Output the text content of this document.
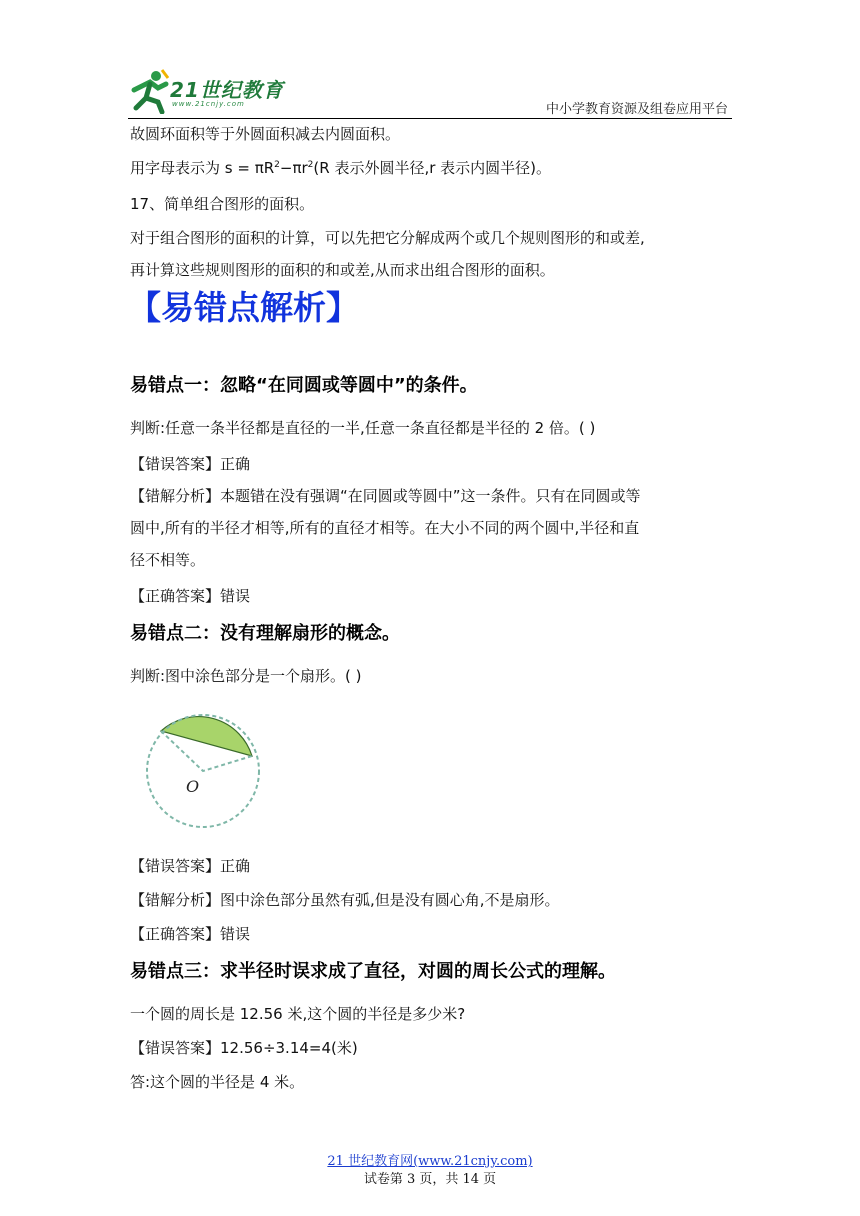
21世纪教育
www.21cnjy.com	中小学教育资源及组卷应用平台
故圆环面积等于外圆面积减去内圆面积。
用字母表示为 $s = \pi R^2-\pi r^2(R$ 表示外圆半径,r 表示内圆半径)。
17、简单组合图形的面积。
对于组合图形的面积的计算，可以先把它分解成两个或几个规则图形的和或差,
再计算这些规则图形的面积的和或差,从而求出组合图形的面积。
【易错点解析】
易错点一：忽略“在同圆或等圆中”的条件。
判断:任意一条半径都是直径的一半,任意一条直径都是半径的 2 倍。( )
【错误答案】正确
【错解分析】本题错在没有强调“在同圆或等圆中”这一条件。只有在同圆或等
圆中,所有的半径才相等,所有的直径才相等。在大小不同的两个圆中,半径和直
径不相等。
【正确答案】错误
易错点二：没有理解扇形的概念。
判断:图中涂色部分是一个扇形。( )
O
【错误答案】正确
【错解分析】图中涂色部分虽然有弧,但是没有圆心角,不是扇形。
【正确答案】错误
易错点三：求半径时误求成了直径，对圆的周长公式的理解。
一个圆的周长是 12.56 米,这个圆的半径是多少米?
【错误答案】12.56÷3.14=4(米)
答:这个圆的半径是 4 米。
21 世纪教育网(www.21cnjy.com)
试卷第 3 页，共 14 页
